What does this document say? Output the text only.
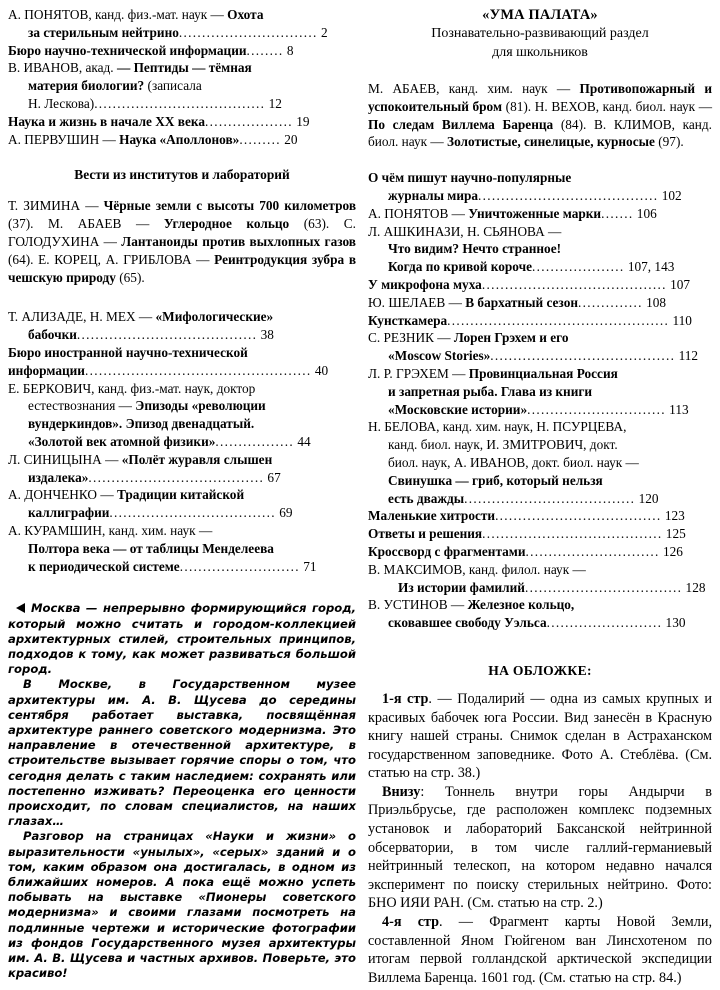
А. ПОНЯТОВ, канд. физ.-мат. наук — Охота
за стерильным нейтрино.............................. 2
Бюро научно-технической информации........ 8
В. ИВАНОВ, акад. — Пептиды — тёмная
материя биологии? (записала
Н. Лескова)..................................... 12
Наука и жизнь в начале ХХ века................... 19
А. ПЕРВУШИН — Наука «Аполлонов»......... 20
Вести из институтов и лабораторий
Т. ЗИМИНА — Чёрные земли с высоты 700 километров (37). М. АБАЕВ — Углеродное кольцо (63). С. ГОЛОДУХИНА — Лантаноиды против выхлопных газов (64). Е. КОРЕЦ, А. ГРИБЛОВА — Реинтродукция зубра в чешскую природу (65).
Т. АЛИЗАДЕ, Н. МЕХ — «Мифологические»
бабочки....................................... 38
Бюро иностранной научно-технической
информации................................................. 40
Е. БЕРКОВИЧ, канд. физ.-мат. наук, доктор
естествознания — Эпизоды «революции
вундеркиндов». Эпизод двенадцатый.
«Золотой век атомной физики»................. 44
Л. СИНИЦЫНА — «Полёт журавля слышен
издалека»...................................... 67
А. ДОНЧЕНКО — Традиции китайской
каллиграфии.................................... 69
А. КУРАМШИН, канд. хим. наук —
Полтора века — от таблицы Менделеева
к периодической системе.......................... 71

Москва — непрерывно формирующийся город, который можно считать и городом-коллекцией архитектурных стилей, строительных принципов, подходов к тому, как может развиваться большой город.

В Москве, в Государственном музее архитектуры им. А. В. Щусева до середины сентября работает выставка, посвящённая архитектуре раннего советского модернизма. Это направление в отечественной архитектуре, в строительстве вызывает горячие споры о том, что сегодня делать с таким наследием: сохранять или постепенно изживать? Переоценка его ценности происходит, по словам специалистов, на наших глазах…

Разговор на страницах «Науки и жизни» о выразительности «унылых», «серых» зданий и о том, каким образом она достигалась, в одном из ближайших номеров. А пока ещё можно успеть побывать на выставке «Пионеры советского модернизма» и своими глазами посмотреть на подлинные чертежи и исторические фотографии из фондов Государственного музея архитектуры им. А. В. Щусева и частных архивов. Поверьте, это красиво!

«УМА ПАЛАТА»
Познавательно-развивающий раздел
для школьников
М. АБАЕВ, канд. хим. наук — Противопожарный и успокоительный бром (81). Н. ВЕХОВ, канд. биол. наук — По следам Виллема Баренца (84). В. КЛИМОВ, канд. биол. наук — Золотистые, синелицые, курносые (97).
О чём пишут научно-популярные
журналы мира....................................... 102
А. ПОНЯТОВ — Уничтоженные марки....... 106
Л. АШКИНАЗИ, Н. СЬЯНОВА —
Что видим? Нечто странное!
Когда по кривой короче.................... 107, 143
У микрофона муха........................................ 107
Ю. ШЕЛАЕВ — В бархатный сезон.............. 108
Кунсткамера................................................ 110
С. РЕЗНИК — Лорен Грэхем и его
«Moscow Stories»........................................ 112
Л. Р. ГРЭХЕМ — Провинциальная Россия
и запретная рыба. Глава из книги
«Московские истории».............................. 113
Н. БЕЛОВА, канд. хим. наук, Н. ПСУРЦЕВА,
канд. биол. наук, И. ЗМИТРОВИЧ, докт.
биол. наук, А. ИВАНОВ, докт. биол. наук —
Свинушка — гриб, который нельзя
есть дважды..................................... 120
Маленькие хитрости.................................... 123
Ответы и решения....................................... 125
Кроссворд с фрагментами............................. 126
В. МАКСИМОВ, канд. филол. наук —
Из истории фамилий.................................. 128
В. УСТИНОВ — Железное кольцо,
сковавшее свободу Уэльса......................... 130
НА ОБЛОЖКЕ:

1-я стр. — Подалирий — одна из самых крупных и красивых бабочек юга России. Вид занесён в Красную книгу нашей страны. Снимок сделан в Астраханском государственном заповеднике. Фото А. Стеблёва. (См. статью на стр. 38.)

Внизу: Тоннель внутри горы Андырчи в Приэльбрусье, где расположен комплекс подземных установок и лабораторий Баксанской нейтринной обсерватории, в том числе галлий-германиевый нейтринный телескоп, на котором недавно начался эксперимент по поиску стерильных нейтрино. Фото: БНО ИЯИ РАН. (См. статью на стр. 2.)

4-я стр. — Фрагмент карты Новой Земли, составленной Яном Гюйгеном ван Линсхотеном по итогам первой голландской арктической экспедиции Виллема Баренца. 1601 год. (См. статью на стр. 84.)
